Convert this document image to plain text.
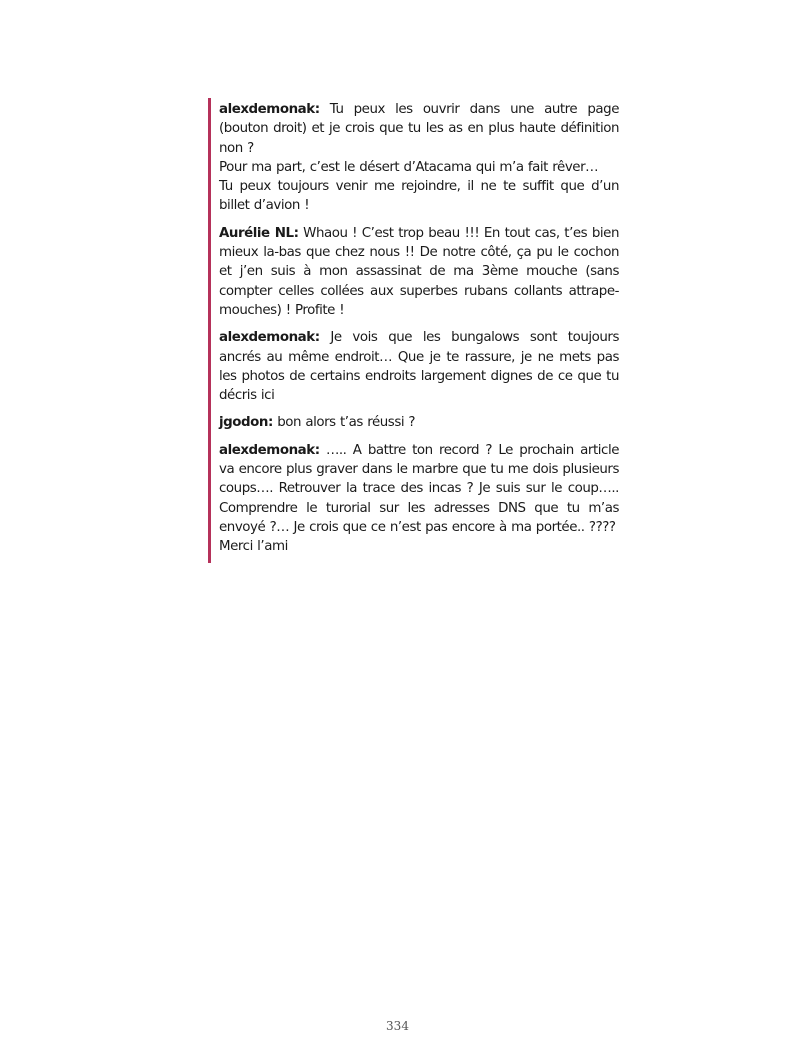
alexdemonak: Tu peux les ouvrir dans une autre page (bouton droit) et je crois que tu les as en plus haute définition non ?
Pour ma part, c’est le désert d’Atacama qui m’a fait rêver…
Tu peux toujours venir me rejoindre, il ne te suffit que d’un billet d’avion !

Aurélie NL: Whaou ! C’est trop beau !!! En tout cas, t’es bien mieux la-bas que chez nous !! De notre côté, ça pu le cochon et j’en suis à mon assassinat de ma 3ème mouche (sans compter celles collées aux superbes rubans collants attrape-mouches) ! Profite !

alexdemonak: Je vois que les bungalows sont toujours ancrés au même endroit… Que je te rassure, je ne mets pas les photos de certains endroits largement dignes de ce que tu décris ici

jgodon: bon alors t’as réussi ?

alexdemonak: ….. A battre ton record ? Le prochain article va encore plus graver dans le marbre que tu me dois plusieurs coups…. Retrouver la trace des incas ? Je suis sur le coup….. Comprendre le turorial sur les adresses DNS que tu m’as envoyé ?… Je crois que ce n’est pas encore à ma portée.. ????
Merci l’ami

334
